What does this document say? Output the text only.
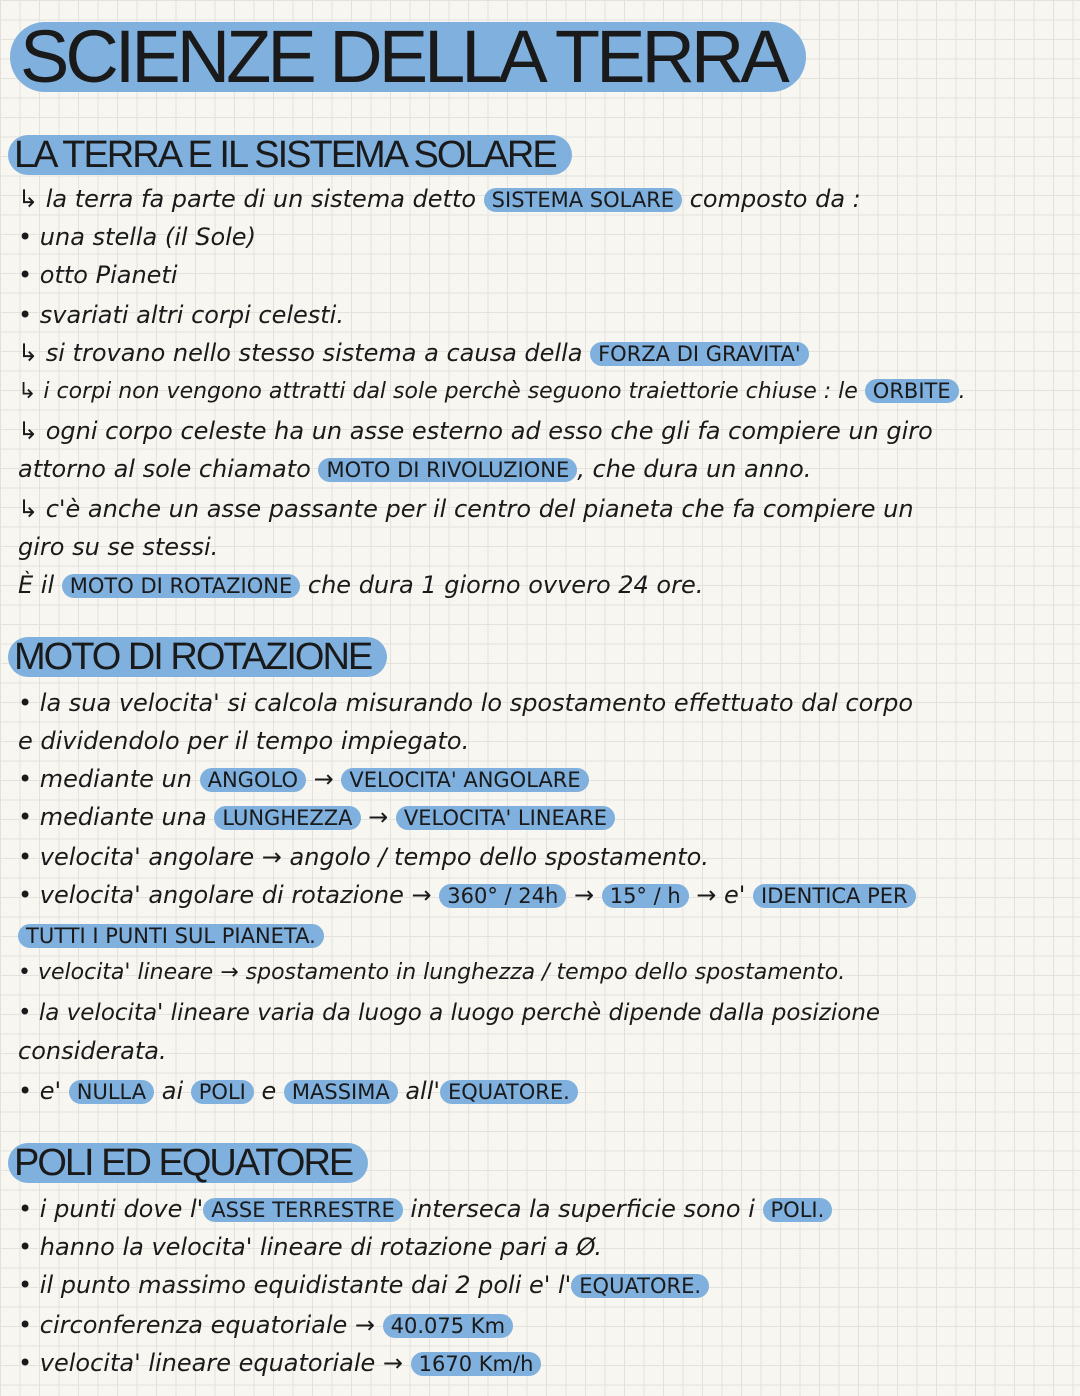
SCIENZE DELLA TERRA
LA TERRA E IL SISTEMA SOLARE
↳ la terra fa parte di un sistema detto SISTEMA SOLARE composto da :
• una stella (il Sole)
• otto Pianeti
• svariati altri corpi celesti.
↳ si trovano nello stesso sistema a causa della FORZA DI GRAVITA'
↳ i corpi non vengono attratti dal sole perchè seguono traiettorie chiuse : le ORBITE .
↳ ogni corpo celeste ha un asse esterno ad esso che gli fa compiere un giro
attorno al sole chiamato MOTO DI RIVOLUZIONE , che dura un anno.
↳ c'è anche un asse passante per il centro del pianeta che fa compiere un
giro su se stessi.
È il MOTO DI ROTAZIONE che dura 1 giorno ovvero 24 ore.
MOTO DI ROTAZIONE
• la sua velocita' si calcola misurando lo spostamento effettuato dal corpo
e dividendolo per il tempo impiegato.
• mediante un ANGOLO → VELOCITA' ANGOLARE
• mediante una LUNGHEZZA → VELOCITA' LINEARE
• velocita' angolare → angolo / tempo dello spostamento.
• velocita' angolare di rotazione → 360° / 24h → 15° / h → e' IDENTICA PER
TUTTI I PUNTI SUL PIANETA.
• velocita' lineare → spostamento in lunghezza / tempo dello spostamento.
• la velocita' lineare varia da luogo a luogo perchè dipende dalla posizione
considerata.
• e' NULLA ai POLI e MASSIMA all' EQUATORE.
POLI ED EQUATORE
• i punti dove l' ASSE TERRESTRE interseca la superficie sono i POLI.
• hanno la velocita' lineare di rotazione pari a Ø.
• il punto massimo equidistante dai 2 poli e' l' EQUATORE.
• circonferenza equatoriale → 40.075 Km
• velocita' lineare equatoriale → 1670 Km/h
